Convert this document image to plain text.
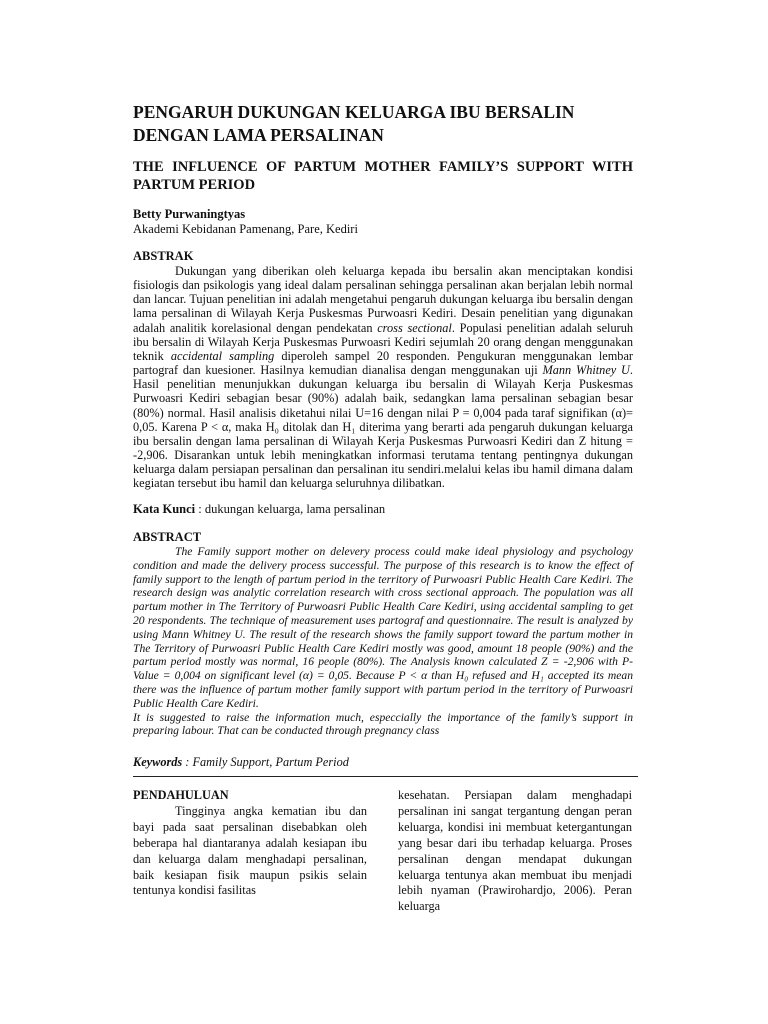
PENGARUH DUKUNGAN KELUARGA IBU BERSALIN DENGAN LAMA PERSALINAN
THE INFLUENCE OF PARTUM MOTHER FAMILY’S SUPPORT WITH PARTUM PERIOD
Betty Purwaningtyas
Akademi Kebidanan Pamenang, Pare, Kediri
ABSTRAK

Dukungan yang diberikan oleh keluarga kepada ibu bersalin akan menciptakan kondisi fisiologis dan psikologis yang ideal dalam persalinan sehingga persalinan akan berjalan lebih normal dan lancar. Tujuan penelitian ini adalah mengetahui pengaruh dukungan keluarga ibu bersalin dengan lama persalinan di Wilayah Kerja Puskesmas Purwoasri Kediri. Desain penelitian yang digunakan adalah analitik korelasional dengan pendekatan cross sectional. Populasi penelitian adalah seluruh ibu bersalin di Wilayah Kerja Puskesmas Purwoasri Kediri sejumlah 20 orang dengan menggunakan teknik accidental sampling diperoleh sampel 20 responden. Pengukuran menggunakan lembar partograf dan kuesioner. Hasilnya kemudian dianalisa dengan menggunakan uji Mann Whitney U. Hasil penelitian menunjukkan dukungan keluarga ibu bersalin di Wilayah Kerja Puskesmas Purwoasri Kediri sebagian besar (90%) adalah baik, sedangkan lama persalinan sebagian besar (80%) normal. Hasil analisis diketahui nilai U=16 dengan nilai P = 0,004 pada taraf signifikan (α)= 0,05. Karena P < α, maka H₀ ditolak dan H₁ diterima yang berarti ada pengaruh dukungan keluarga ibu bersalin dengan lama persalinan di Wilayah Kerja Puskesmas Purwoasri Kediri dan Z hitung = -2,906. Disarankan untuk lebih meningkatkan informasi terutama tentang pentingnya dukungan keluarga dalam persiapan persalinan dan persalinan itu sendiri.melalui kelas ibu hamil dimana dalam kegiatan tersebut ibu hamil dan keluarga seluruhnya dilibatkan.

Kata Kunci : dukungan keluarga, lama persalinan
ABSTRACT

The Family support mother on delevery process could make ideal physiology and psychology condition and made the delivery process successful. The purpose of this research is to know the effect of family support to the length of partum period in the territory of Purwoasri Public Health Care Kediri. The research design was analytic correlation research with cross sectional approach. The population was all partum mother in The Territory of Purwoasri Public Health Care Kediri, using accidental sampling to get 20 respondents. The technique of measurement uses partograf and questionnaire. The result is analyzed by using Mann Whitney U. The result of the research shows the family support toward the partum mother in The Territory of Purwoasri Public Health Care Kediri mostly was good, amount 18 people (90%) and the partum period mostly was normal, 16 people (80%). The Analysis known calculated Z = -2,906 with P-Value = 0,004 on significant level (α) = 0,05. Because P < α than H₀ refused and H₁ accepted its mean there was the influence of partum mother family support with partum period in the territory of Purwoasri Public Health Care Kediri.

It is suggested to raise the information much, especcially the importance of the family’s support in preparing labour. That can be conducted through pregnancy class

Keywords : Family Support, Partum Period

PENDAHULUAN

Tingginya angka kematian ibu dan bayi pada saat persalinan disebabkan oleh beberapa hal diantaranya adalah kesiapan ibu dan keluarga dalam menghadapi persalinan, baik kesiapan fisik maupun psikis selain tentunya kondisi fasilitas

kesehatan. Persiapan dalam menghadapi persalinan ini sangat tergantung dengan peran keluarga, kondisi ini membuat ketergantungan yang besar dari ibu terhadap keluarga. Proses persalinan dengan mendapat dukungan keluarga tentunya akan membuat ibu menjadi lebih nyaman (Prawirohardjo, 2006). Peran keluarga
